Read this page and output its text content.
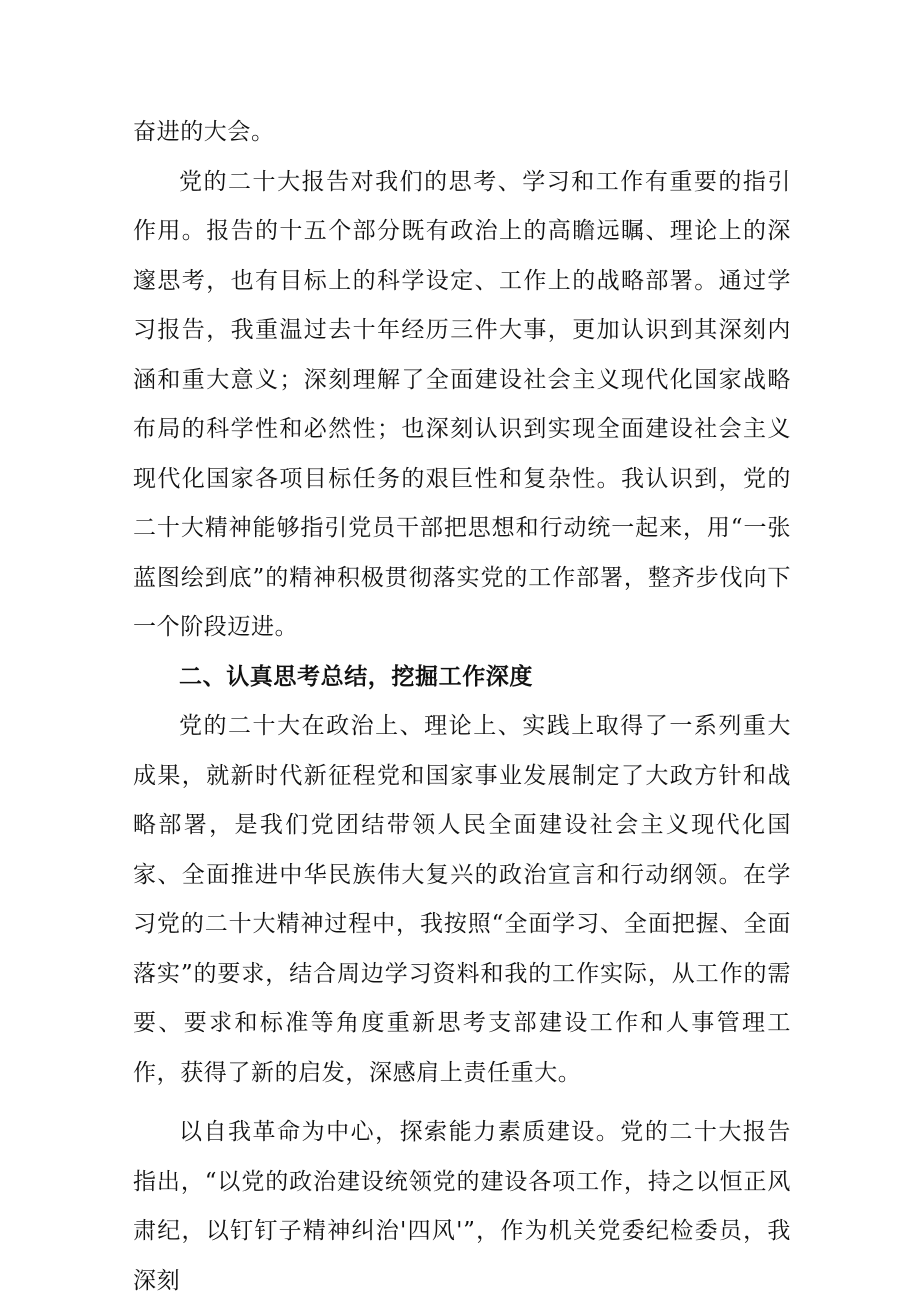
奋进的大会。

党的二十大报告对我们的思考、学习和工作有重要的指引作用。报告的十五个部分既有政治上的高瞻远瞩、理论上的深邃思考，也有目标上的科学设定、工作上的战略部署。通过学习报告，我重温过去十年经历三件大事，更加认识到其深刻内涵和重大意义；深刻理解了全面建设社会主义现代化国家战略布局的科学性和必然性；也深刻认识到实现全面建设社会主义现代化国家各项目标任务的艰巨性和复杂性。我认识到，党的二十大精神能够指引党员干部把思想和行动统一起来，用“一张蓝图绘到底”的精神积极贯彻落实党的工作部署，整齐步伐向下一个阶段迈进。

二、认真思考总结，挖掘工作深度

党的二十大在政治上、理论上、实践上取得了一系列重大成果，就新时代新征程党和国家事业发展制定了大政方针和战略部署，是我们党团结带领人民全面建设社会主义现代化国家、全面推进中华民族伟大复兴的政治宣言和行动纲领。在学习党的二十大精神过程中，我按照“全面学习、全面把握、全面落实”的要求，结合周边学习资料和我的工作实际，从工作的需要、要求和标准等角度重新思考支部建设工作和人事管理工作，获得了新的启发，深感肩上责任重大。

以自我革命为中心，探索能力素质建设。党的二十大报告指出，“以党的政治建设统领党的建设各项工作，持之以恒正风肃纪，以钉钉子精神纠治'四风'”，作为机关党委纪检委员，我深刻
